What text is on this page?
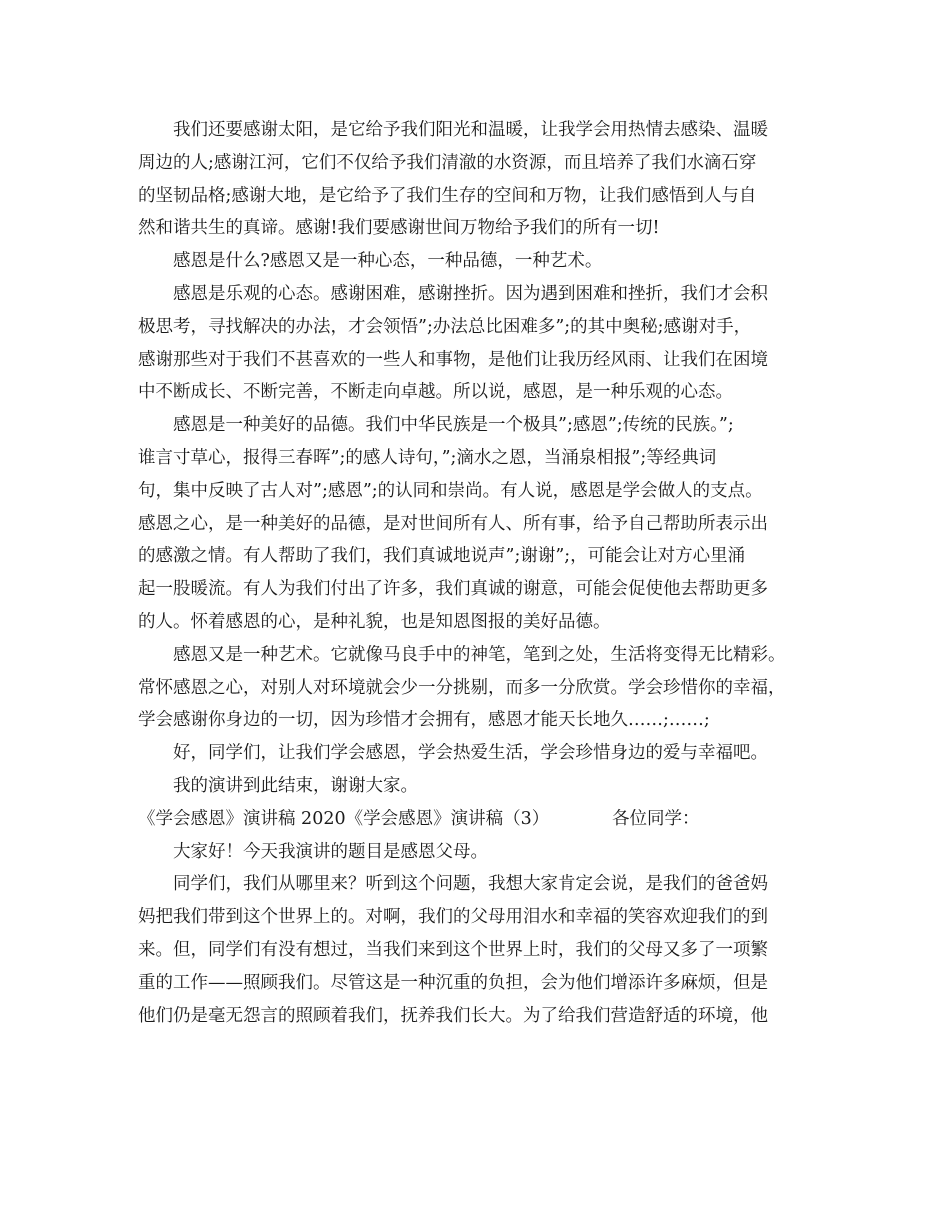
我们还要感谢太阳，是它给予我们阳光和温暖，让我学会用热情去感染、温暖
周边的人;感谢江河，它们不仅给予我们清澈的水资源，而且培养了我们水滴石穿
的坚韧品格;感谢大地，是它给予了我们生存的空间和万物，让我们感悟到人与自
然和谐共生的真谛。感谢!我们要感谢世间万物给予我们的所有一切!
感恩是什么?感恩又是一种心态，一种品德，一种艺术。
感恩是乐观的心态。感谢困难，感谢挫折。因为遇到困难和挫折，我们才会积
极思考，寻找解决的办法，才会领悟”;办法总比困难多”;的其中奥秘;感谢对手，
感谢那些对于我们不甚喜欢的一些人和事物，是他们让我历经风雨、让我们在困境
中不断成长、不断完善，不断走向卓越。所以说，感恩，是一种乐观的心态。
感恩是一种美好的品德。我们中华民族是一个极具”;感恩”;传统的民族。”;
谁言寸草心，报得三春晖”;的感人诗句，”;滴水之恩，当涌泉相报”;等经典词
句，集中反映了古人对”;感恩”;的认同和崇尚。有人说，感恩是学会做人的支点。
感恩之心，是一种美好的品德，是对世间所有人、所有事，给予自己帮助所表示出
的感激之情。有人帮助了我们，我们真诚地说声”;谢谢”;，可能会让对方心里涌
起一股暖流。有人为我们付出了许多，我们真诚的谢意，可能会促使他去帮助更多
的人。怀着感恩的心，是种礼貌，也是知恩图报的美好品德。
感恩又是一种艺术。它就像马良手中的神笔，笔到之处，生活将变得无比精彩。
常怀感恩之心，对别人对环境就会少一分挑剔，而多一分欣赏。学会珍惜你的幸福，
学会感谢你身边的一切，因为珍惜才会拥有，感恩才能天长地久……;……;
好，同学们，让我们学会感恩，学会热爱生活，学会珍惜身边的爱与幸福吧。
我的演讲到此结束，谢谢大家。
《学会感恩》演讲稿 2020《学会感恩》演讲稿（3）	各位同学：
大家好！今天我演讲的题目是感恩父母。
同学们，我们从哪里来？听到这个问题，我想大家肯定会说，是我们的爸爸妈
妈把我们带到这个世界上的。对啊，我们的父母用泪水和幸福的笑容欢迎我们的到
来。但，同学们有没有想过，当我们来到这个世界上时，我们的父母又多了一项繁
重的工作——照顾我们。尽管这是一种沉重的负担，会为他们增添许多麻烦，但是
他们仍是毫无怨言的照顾着我们，抚养我们长大。为了给我们营造舒适的环境，他
